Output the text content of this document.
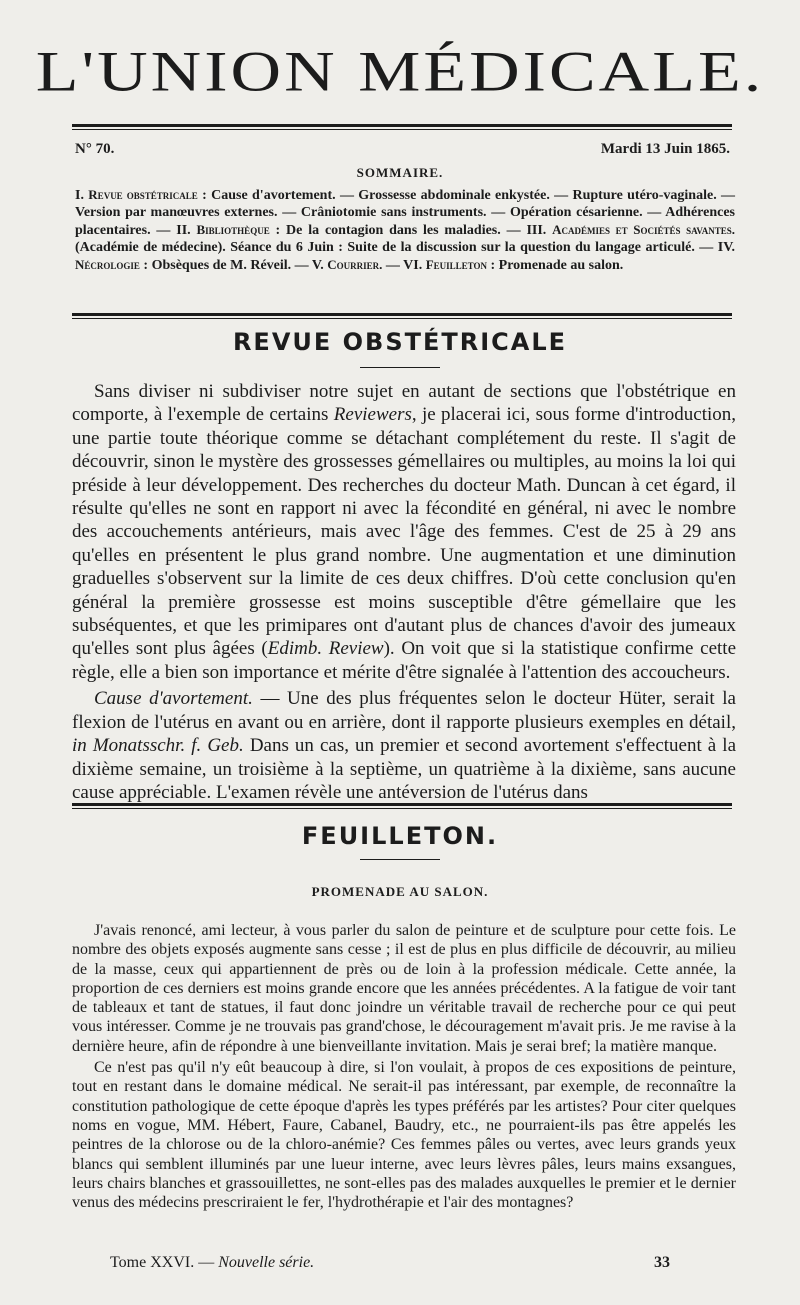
L'UNION MÉDICALE.
N° 70.	Mardi 13 Juin 1865.
SOMMAIRE.
I. Revue obstétricale : Cause d'avortement. — Grossesse abdominale enkystée. — Rupture utéro-vaginale. — Version par manœuvres externes. — Crâniotomie sans instruments. — Opération césarienne. — Adhérences placentaires. — II. Bibliothèque : De la contagion dans les maladies. — III. Académies et Sociétés savantes. (Académie de médecine). Séance du 6 Juin : Suite de la discussion sur la question du langage articulé. — IV. Nécrologie : Obsèques de M. Réveil. — V. Courrier. — VI. Feuilleton : Promenade au salon.
REVUE OBSTÉTRICALE

Sans diviser ni subdiviser notre sujet en autant de sections que l'obstétrique en comporte, à l'exemple de certains Reviewers, je placerai ici, sous forme d'introduction, une partie toute théorique comme se détachant complétement du reste. Il s'agit de découvrir, sinon le mystère des grossesses gémellaires ou multiples, au moins la loi qui préside à leur développement. Des recherches du docteur Math. Duncan à cet égard, il résulte qu'elles ne sont en rapport ni avec la fécondité en général, ni avec le nombre des accouchements antérieurs, mais avec l'âge des femmes. C'est de 25 à 29 ans qu'elles en présentent le plus grand nombre. Une augmentation et une diminution graduelles s'observent sur la limite de ces deux chiffres. D'où cette conclusion qu'en général la première grossesse est moins susceptible d'être gémellaire que les subséquentes, et que les primipares ont d'autant plus de chances d'avoir des jumeaux qu'elles sont plus âgées (Edimb. Review). On voit que si la statistique confirme cette règle, elle a bien son importance et mérite d'être signalée à l'attention des accoucheurs.

Cause d'avortement. — Une des plus fréquentes selon le docteur Hüter, serait la flexion de l'utérus en avant ou en arrière, dont il rapporte plusieurs exemples en détail, in Monatsschr. f. Geb. Dans un cas, un premier et second avortement s'effectuent à la dixième semaine, un troisième à la septième, un quatrième à la dixième, sans aucune cause appréciable. L'examen révèle une antéversion de l'utérus dans

FEUILLETON.
PROMENADE AU SALON.

J'avais renoncé, ami lecteur, à vous parler du salon de peinture et de sculpture pour cette fois. Le nombre des objets exposés augmente sans cesse ; il est de plus en plus difficile de découvrir, au milieu de la masse, ceux qui appartiennent de près ou de loin à la profession médicale. Cette année, la proportion de ces derniers est moins grande encore que les années précédentes. A la fatigue de voir tant de tableaux et tant de statues, il faut donc joindre un véritable travail de recherche pour ce qui peut vous intéresser. Comme je ne trouvais pas grand'chose, le découragement m'avait pris. Je me ravise à la dernière heure, afin de répondre à une bienveillante invitation. Mais je serai bref; la matière manque.

Ce n'est pas qu'il n'y eût beaucoup à dire, si l'on voulait, à propos de ces expositions de peinture, tout en restant dans le domaine médical. Ne serait-il pas intéressant, par exemple, de reconnaître la constitution pathologique de cette époque d'après les types préférés par les artistes? Pour citer quelques noms en vogue, MM. Hébert, Faure, Cabanel, Baudry, etc., ne pourraient-ils pas être appelés les peintres de la chlorose ou de la chloro-anémie? Ces femmes pâles ou vertes, avec leurs grands yeux blancs qui semblent illuminés par une lueur interne, avec leurs lèvres pâles, leurs mains exsangues, leurs chairs blanches et grassouillettes, ne sont-elles pas des malades auxquelles le premier et le dernier venus des médecins prescriraient le fer, l'hydrothérapie et l'air des montagnes?

Tome XXVI. — Nouvelle série.	33
